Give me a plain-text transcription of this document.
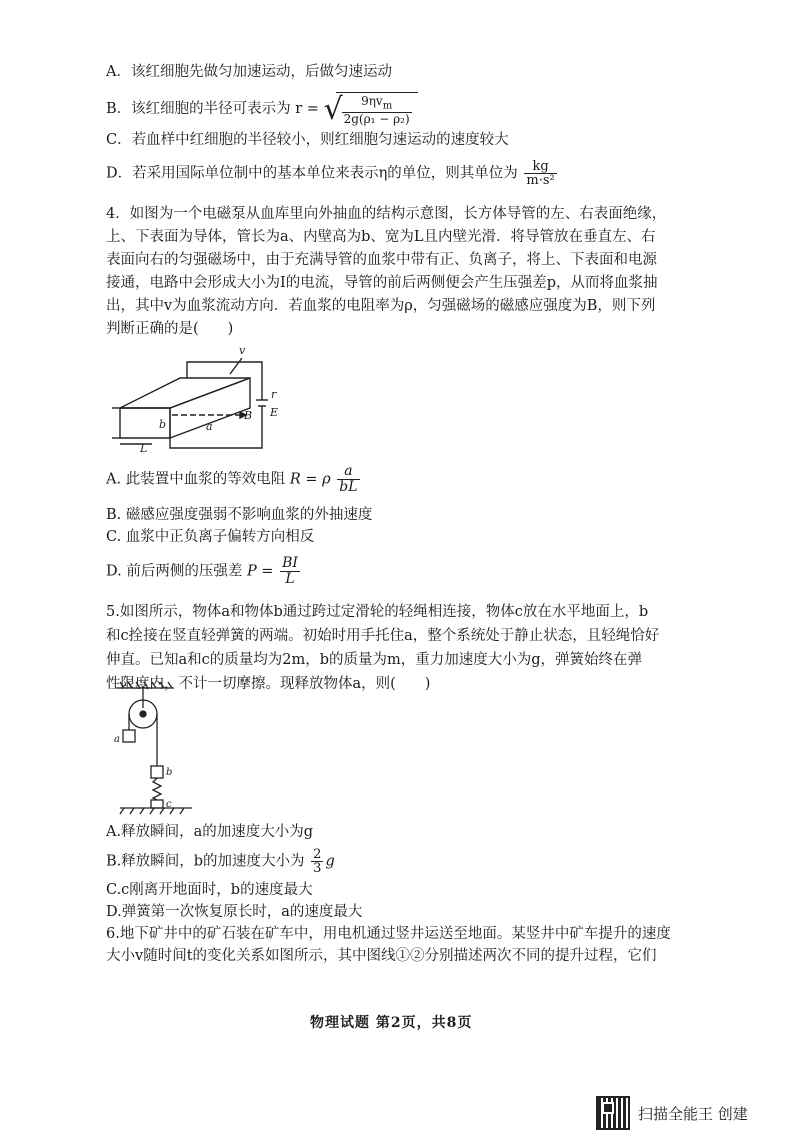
A．该红细胞先做匀加速运动，后做匀速运动
B．该红细胞的半径可表示为 r = √
$\frac{9\eta v_m}{\text{2g(ρ₁ − ρ₂)}}$
C．若血样中红细胞的半径较小，则红细胞匀速运动的速度较大
D．若采用国际单位制中的基本单位来表示η的单位，则其单位为 $\frac{kg}{\text{m·s²}}$
4．如图为一个电磁泵从血库里向外抽血的结构示意图，长方体导管的左、右表面绝缘，
上、下表面为导体，管长为a、内壁高为b、宽为L且内壁光滑．将导管放在垂直左、右
表面向右的匀强磁场中，由于充满导管的血浆中带有正、负离子，将上、下表面和电源
接通，电路中会形成大小为I的电流，导管的前后两侧便会产生压强差p，从而将血浆抽
出，其中v为血浆流动方向．若血浆的电阻率为ρ，匀强磁场的磁感应强度为B，则下列
判断正确的是(　　)
v
b	a
L
B
r
E
A. 此装置中血浆的等效电阻 R = ρ $\frac{a}{bL}$
B. 磁感应强度强弱不影响血浆的外抽速度
C. 血浆中正负离子偏转方向相反
D. 前后两侧的压强差 $P = \frac{BI}{L}$
5.如图所示，物体a和物体b通过跨过定滑轮的轻绳相连接，物体c放在水平地面上，b
和c拴接在竖直轻弹簧的两端。初始时用手托住a，整个系统处于静止状态，且轻绳恰好
伸直。已知a和c的质量均为2m，b的质量为m，重力加速度大小为g，弹簧始终在弹
性限度内，不计一切摩擦。现释放物体a，则(　　)
a
b
c
A.释放瞬间，a的加速度大小为g
B.释放瞬间，b的加速度大小为 $\frac{2}{3}$ g
C.c刚离开地面时，b的速度最大
D.弹簧第一次恢复原长时，a的速度最大
6.地下矿井中的矿石装在矿车中，用电机通过竖井运送至地面。某竖井中矿车提升的速度
大小v随时间t的变化关系如图所示，其中图线①②分别描述两次不同的提升过程，它们
物理试题 第2页，共8页
扫描全能王 创建
